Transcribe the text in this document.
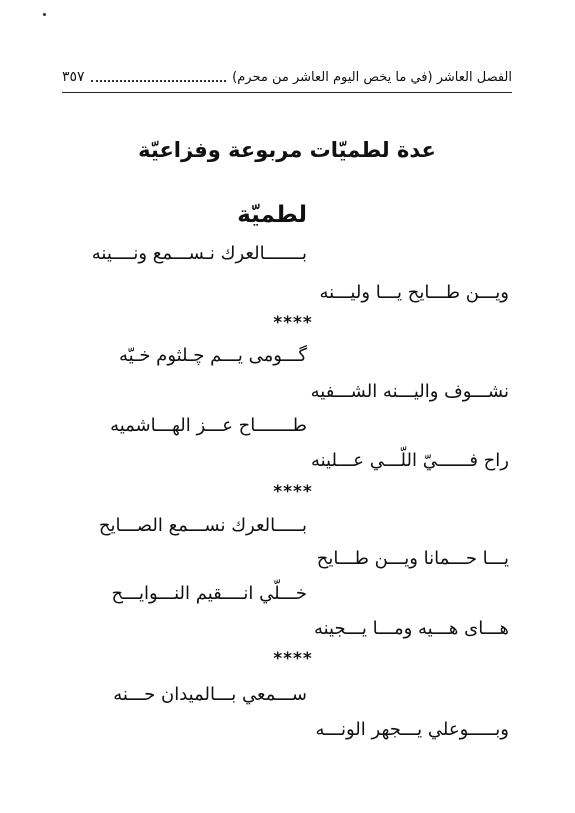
الفصل العاشر (في ما يخص اليوم العاشر من محرم)
٣٥٧
عدة لطميّات مربوعة وفزاعيّة
لطميّة
بـــــــالعرك نـســـمع ونــــينه
ويـــن طـــايح يـــا وليـــنه
****
گـــومى يـــم چـلثوم خـيّه
نشـــوف واليـــنه الشـــفيه
طـــــــاح عـــز الهـــاشميه
راح فــــــيّ اللّـــي عـــلينه
****
بـــــالعرك نســـمع الصـــايح
يـــا حـــمانا ويـــن طـــايح
خـــلّي انــــقيم النـــوايـــح
هـــاى هـــيه ومـــا يـــجينه
****
ســـمعي بـــالميدان حـــنه
وبـــــوعلي يـــجهر الونـــه
